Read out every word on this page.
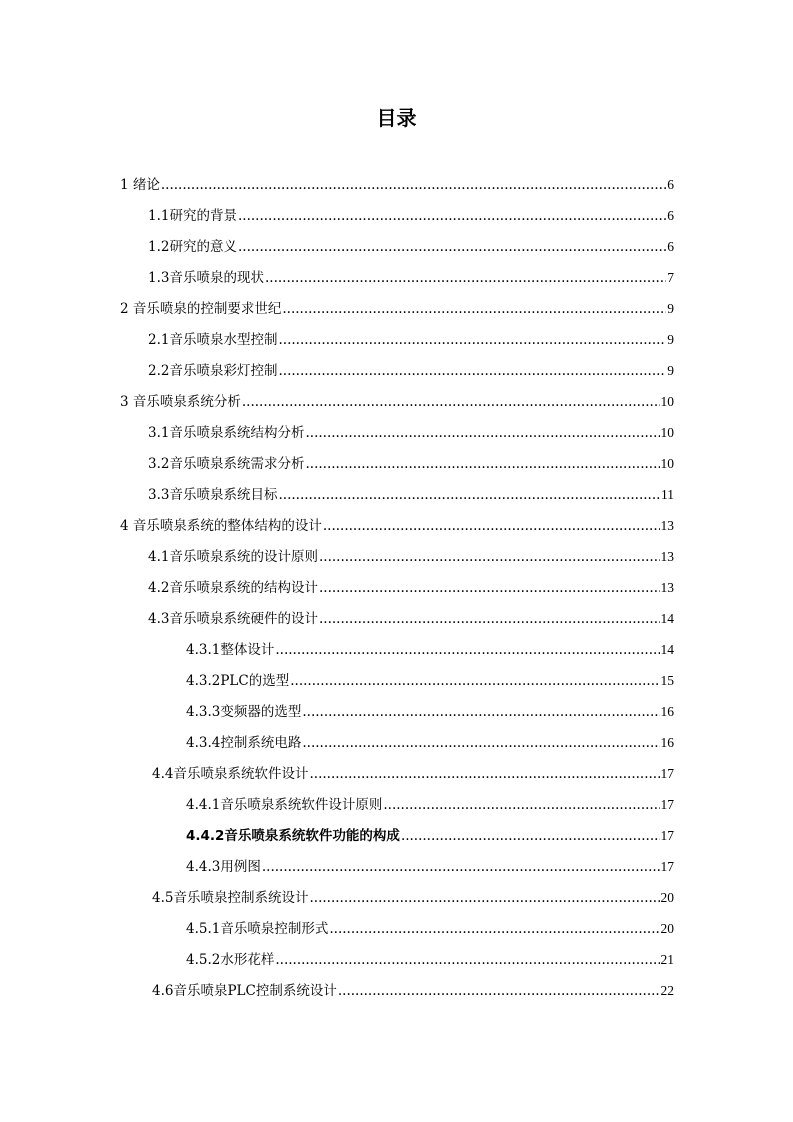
目录
1 绪论 .....	6
1.1研究的背景 .....	6
1.2研究的意义 .....	6
1.3音乐喷泉的现状 .....	7
2 音乐喷泉的控制要求世纪 .....	9
2.1音乐喷泉水型控制 .....	9
2.2音乐喷泉彩灯控制 .....	9
3 音乐喷泉系统分析 .....	10
3.1音乐喷泉系统结构分析 .....	10
3.2音乐喷泉系统需求分析 .....	10
3.3音乐喷泉系统目标 .....	11
4 音乐喷泉系统的整体结构的设计 .....	13
4.1音乐喷泉系统的设计原则 .....	13
4.2音乐喷泉系统的结构设计 .....	13
4.3音乐喷泉系统硬件的设计 .....	14
4.3.1整体设计 .....	14
4.3.2PLC的选型 .....	15
4.3.3变频器的选型 .....	16
4.3.4控制系统电路 .....	16
4.4音乐喷泉系统软件设计 .....	17
4.4.1音乐喷泉系统软件设计原则 .....	17
4.4.2音乐喷泉系统软件功能的构成 .....	17
4.4.3用例图 .....	17
4.5音乐喷泉控制系统设计 .....	20
4.5.1音乐喷泉控制形式 .....	20
4.5.2水形花样 .....	21
4.6音乐喷泉PLC控制系统设计 .....	22
